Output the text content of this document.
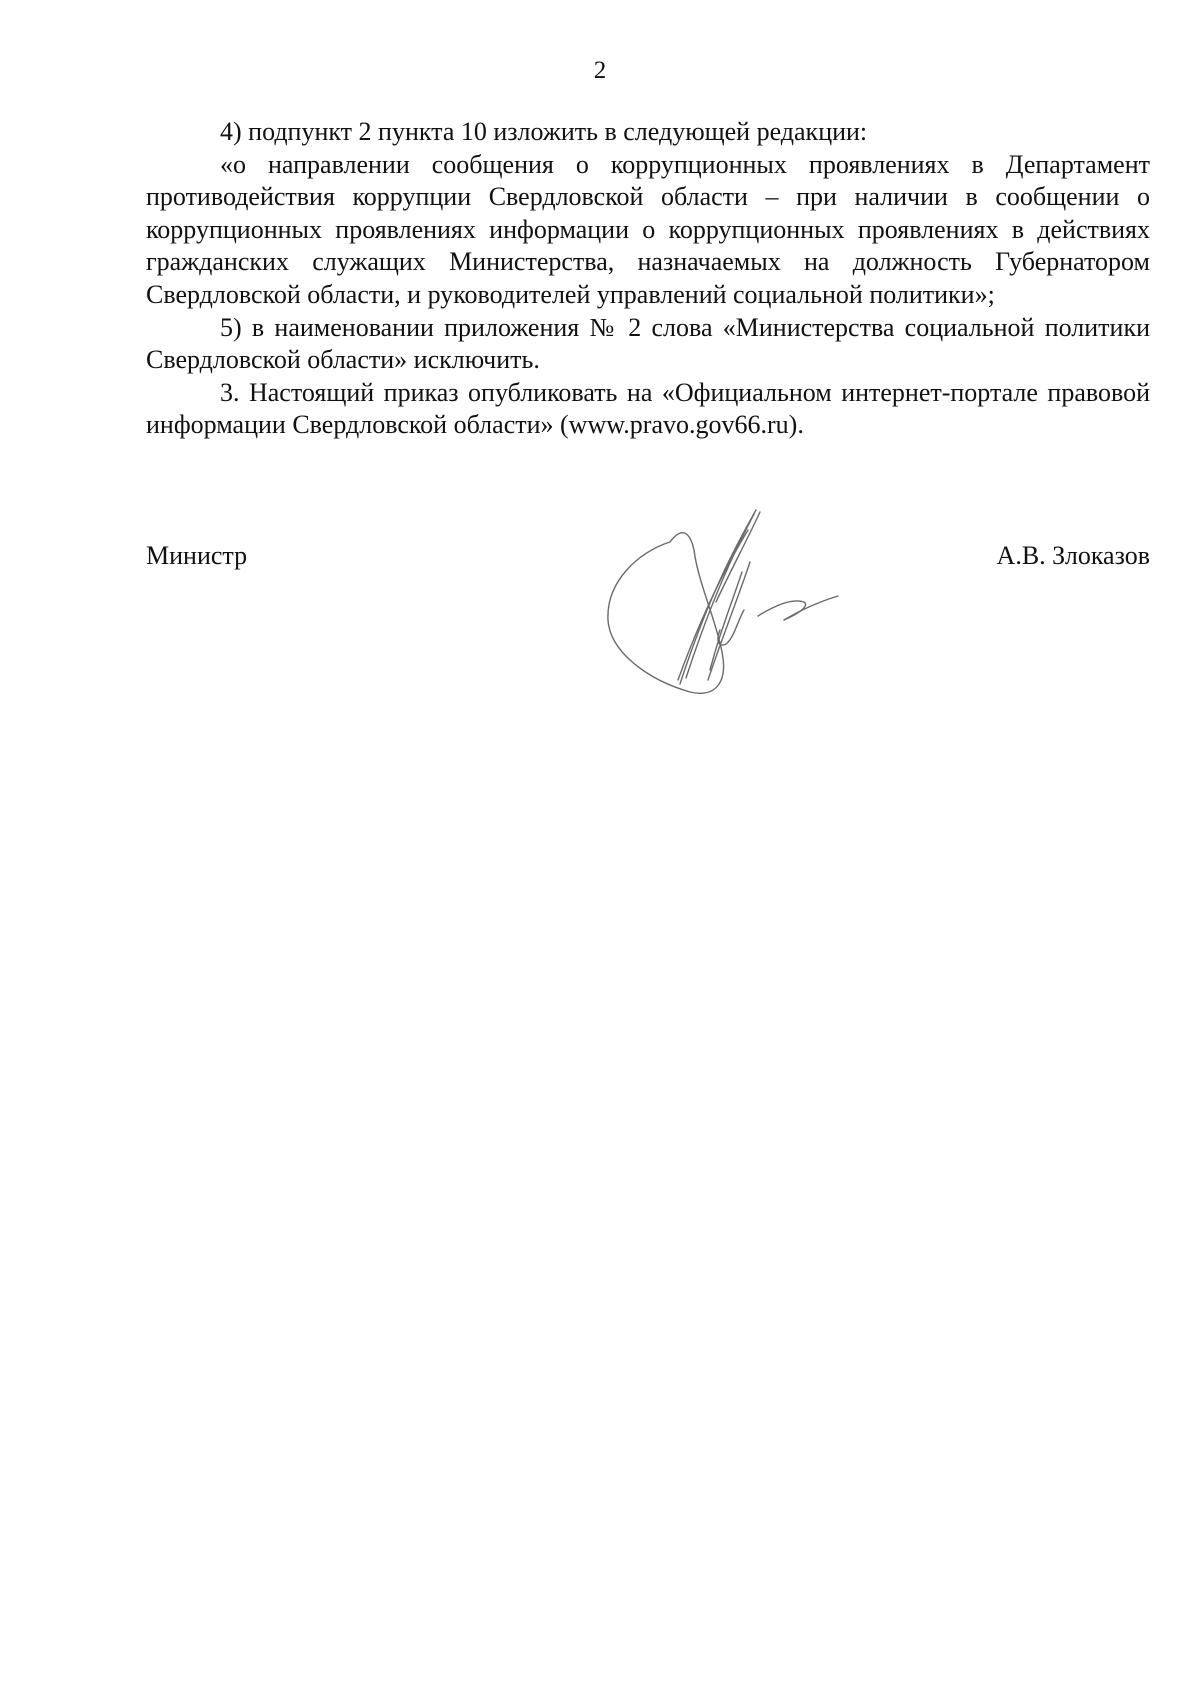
2

4) подпункт 2 пункта 10 изложить в следующей редакции:

«о направлении сообщения о коррупционных проявлениях в Департамент противодействия коррупции Свердловской области – при наличии в сообщении о коррупционных проявлениях информации о коррупционных проявлениях в действиях гражданских служащих Министерства, назначаемых на должность Губернатором Свердловской области, и руководителей управлений социальной политики»;

5) в наименовании приложения № 2 слова «Министерства социальной политики Свердловской области» исключить.

3. Настоящий приказ опубликовать на «Официальном интернет-портале правовой информации Свердловской области» (www.pravo.gov66.ru).

Министр	А.В. Злоказов
